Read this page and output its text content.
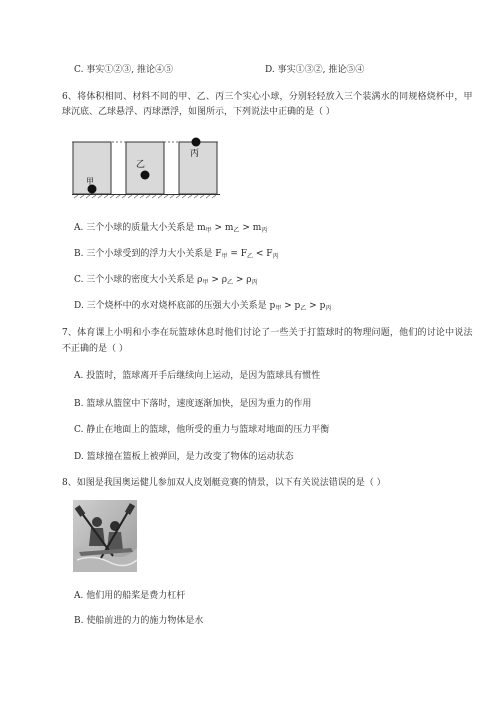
C. 事实①②③, 推论④⑤	D. 事实①③②, 推论⑤④
6、将体积相同、材料不同的甲、乙、丙三个实心小球，分别轻轻放入三个装满水的同规格烧杯中，甲
球沉底、乙球悬浮、丙球漂浮，如图所示，下列说法中正确的是（ ）
甲
乙
丙
A. 三个小球的质量大小关系是 $m_甲 > m_乙 > m_丙$
B. 三个小球受到的浮力大小关系是 $F_甲 = F_乙 < F_丙$
C. 三个小球的密度大小关系是 $\rho_甲 > \rho_乙 > \rho_丙$
D. 三个烧杯中的水对烧杯底部的压强大小关系是 $p_甲 > p_乙 > p_丙$
7、体育课上小明和小李在玩篮球休息时他们讨论了一些关于打篮球时的物理问题，他们的讨论中说法
不正确的是（ ）
A. 投篮时，篮球离开手后继续向上运动，是因为篮球具有惯性
B. 篮球从篮筐中下落时，速度逐渐加快，是因为重力的作用
C. 静止在地面上的篮球，他所受的重力与篮球对地面的压力平衡
D. 篮球撞在篮板上被弹回，是力改变了物体的运动状态
8、如图是我国奥运健儿参加双人皮划艇竞赛的情景，以下有关说法错误的是（ ）
A. 他们用的船桨是费力杠杆
B. 使船前进的力的施力物体是水
